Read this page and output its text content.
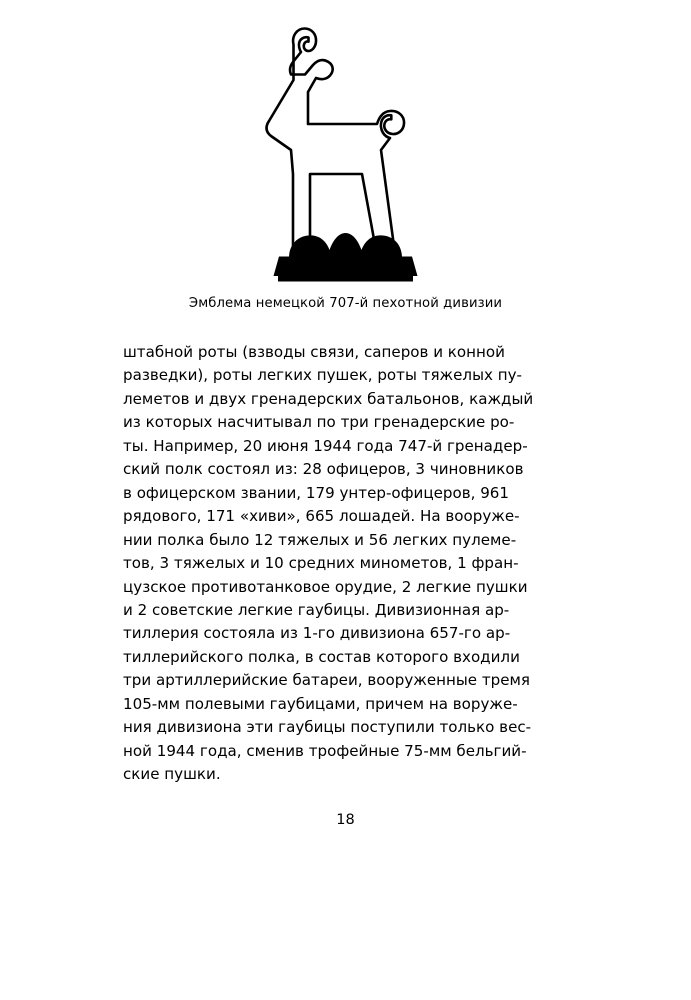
Эмблема немецкой 707-й пехотной дивизии

штабной роты (взводы связи, саперов и конной
разведки), роты легких пушек, роты тяжелых пу-
леметов и двух гренадерских батальонов, каждый
из которых насчитывал по три гренадерские ро-
ты. Например, 20 июня 1944 года 747-й гренадер-
ский полк состоял из: 28 офицеров, 3 чиновников
в офицерском звании, 179 унтер-офицеров, 961
рядового, 171 «хиви», 665 лошадей. На вооруже-
нии полка было 12 тяжелых и 56 легких пулеме-
тов, 3 тяжелых и 10 средних минометов, 1 фран-
цузское противотанковое орудие, 2 легкие пушки
и 2 советские легкие гаубицы. Дивизионная ар-
тиллерия состояла из 1-го дивизиона 657-го ар-
тиллерийского полка, в состав которого входили
три артиллерийские батареи, вооруженные тремя
105-мм полевыми гаубицами, причем на воруже-
ния дивизиона эти гаубицы поступили только вес-
ной 1944 года, сменив трофейные 75-мм бельгий-
ские пушки.

18
